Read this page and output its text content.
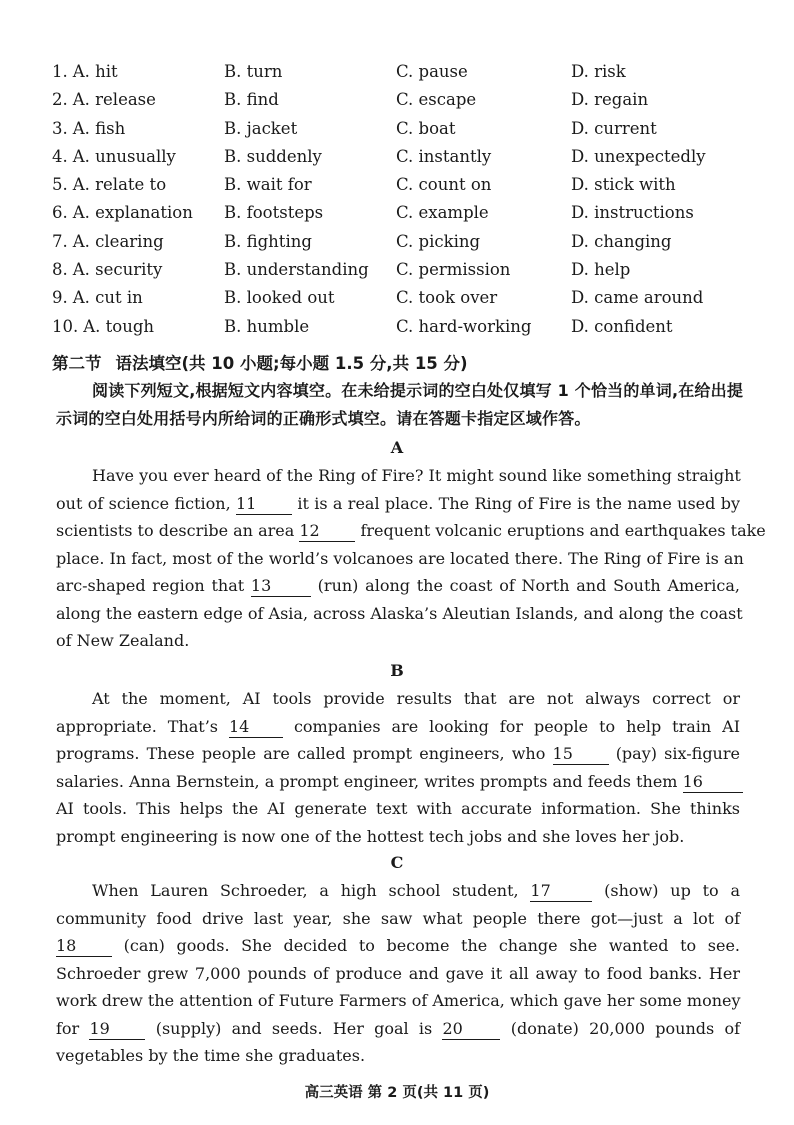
1. A. hit	B. turn	C. pause	D. risk
2. A. release	B. find	C. escape	D. regain
3. A. fish	B. jacket	C. boat	D. current
4. A. unusually	B. suddenly	C. instantly	D. unexpectedly
5. A. relate to	B. wait for	C. count on	D. stick with
6. A. explanation B. footsteps	C. example	D. instructions
7. A. clearing	B. fighting	C. picking	D. changing
8. A. security	B. understanding C. permission	D. help
9. A. cut in	B. looked out	C. took over	D. came around
10. A. tough	B. humble	C. hard-working D. confident
第二节 语法填空(共 10 小题;每小题 1.5 分,共 15 分)
阅读下列短文,根据短文内容填空。在未给提示词的空白处仅填写 1 个恰当的单词,在给出提示词的空白处用括号内所给词的正确形式填空。请在答题卡指定区域作答。
A
Have you ever heard of the Ring of Fire? It might sound like something straight
out of science fiction, 11	it is a real place. The Ring of Fire is the name used by
scientists to describe an area 12	frequent volcanic eruptions and earthquakes take
place. In fact, most of the world’s volcanoes are located there. The Ring of Fire is an
arc-shaped region that 13	(run) along the coast of North and South America,
along the eastern edge of Asia, across Alaska’s Aleutian Islands, and along the coast
of New Zealand.
B
At the moment, AI tools provide results that are not always correct or
appropriate. That’s 14	companies are looking for people to help train AI
programs. These people are called prompt engineers, who 15	(pay) six-figure
salaries. Anna Bernstein, a prompt engineer, writes prompts and feeds them 16
AI tools. This helps the AI generate text with accurate information. She thinks
prompt engineering is now one of the hottest tech jobs and she loves her job.
C
When Lauren Schroeder, a high school student, 17	(show) up to a
community food drive last year, she saw what people there got—just a lot of
18	(can) goods. She decided to become the change she wanted to see.
Schroeder grew 7,000 pounds of produce and gave it all away to food banks. Her
work drew the attention of Future Farmers of America, which gave her some money
for 19	(supply) and seeds. Her goal is 20	(donate) 20,000 pounds of
vegetables by the time she graduates.
高三英语 第 2 页(共 11 页)
